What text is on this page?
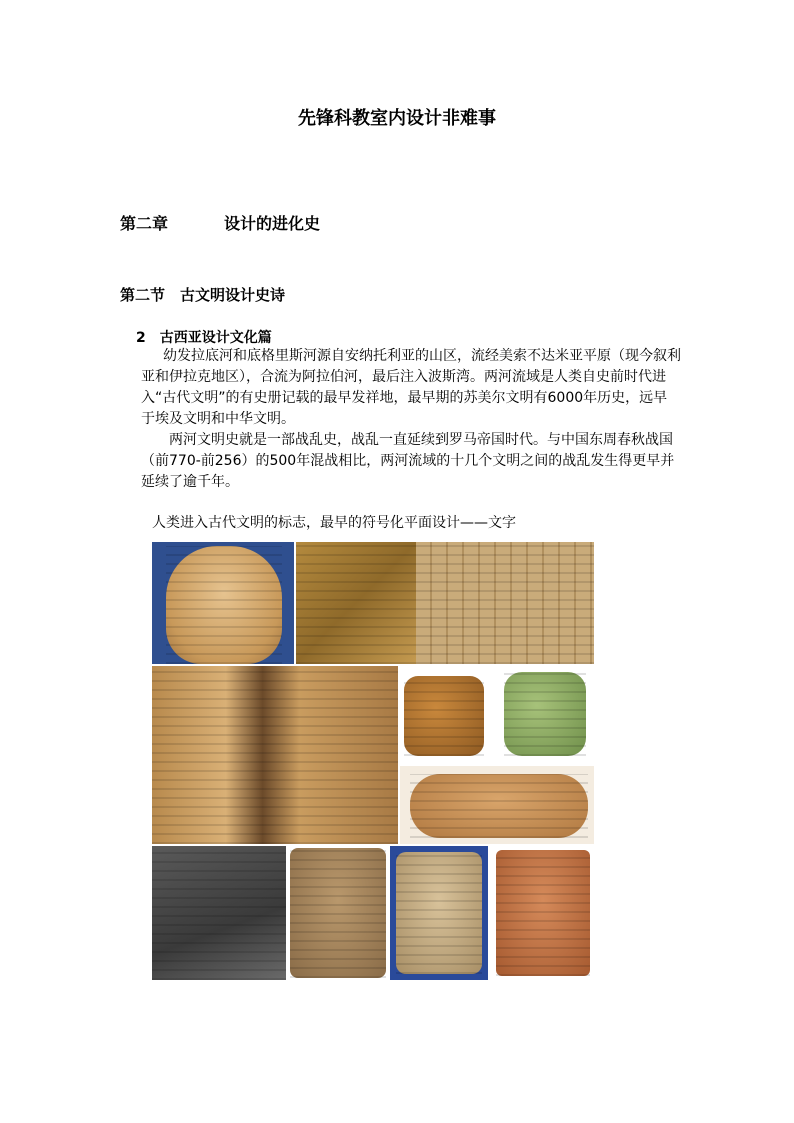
先锋科教室内设计非难事
第二章	设计的进化史
第二节　古文明设计史诗
2　古西亚设计文化篇
幼发拉底河和底格里斯河源自安纳托利亚的山区，流经美索不达米亚平原（现今叙利亚和伊拉克地区），合流为阿拉伯河，最后注入波斯湾。两河流域是人类自史前时代进入“古代文明”的有史册记载的最早发祥地，最早期的苏美尔文明有6000年历史，远早于埃及文明和中华文明。
两河文明史就是一部战乱史，战乱一直延续到罗马帝国时代。与中国东周春秋战国（前770-前256）的500年混战相比，两河流域的十几个文明之间的战乱发生得更早并延续了逾千年。
人类进入古代文明的标志，最早的符号化平面设计——文字
